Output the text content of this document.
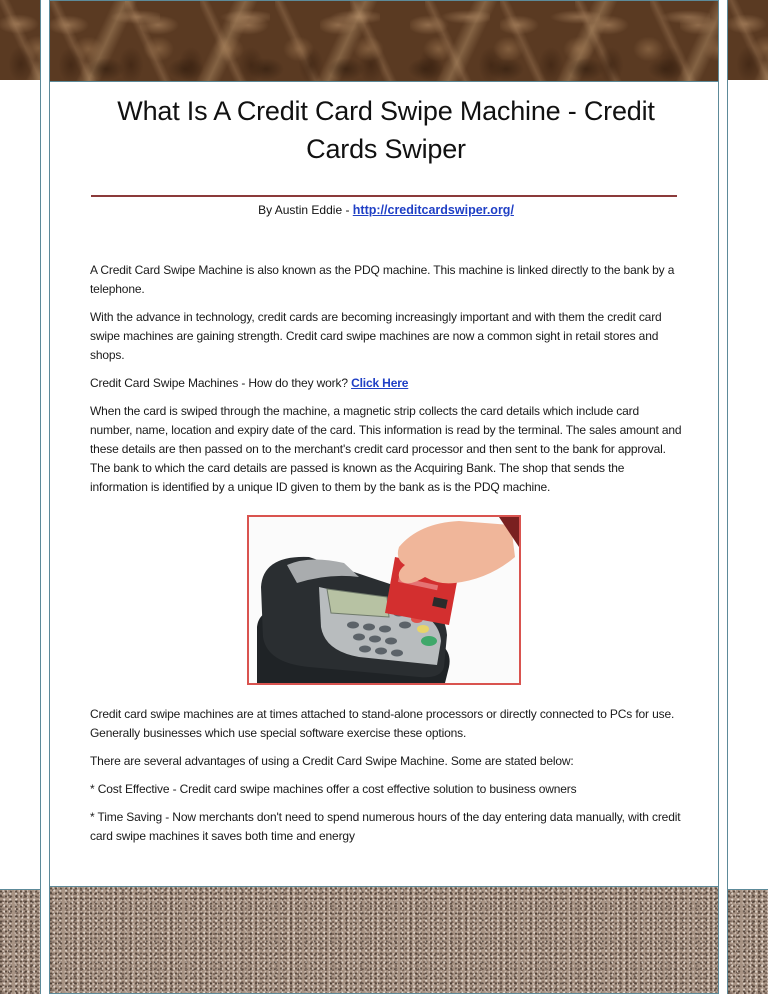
What Is A Credit Card Swipe Machine - Credit Cards Swiper
By Austin Eddie - http://creditcardswiper.org/

A Credit Card Swipe Machine is also known as the PDQ machine. This machine is linked directly to the bank by a telephone.

With the advance in technology, credit cards are becoming increasingly important and with them the credit card swipe machines are gaining strength. Credit card swipe machines are now a common sight in retail stores and shops.

Credit Card Swipe Machines - How do they work? Click Here

When the card is swiped through the machine, a magnetic strip collects the card details which include card number, name, location and expiry date of the card. This information is read by the terminal. The sales amount and these details are then passed on to the merchant's credit card processor and then sent to the bank for approval. The bank to which the card details are passed is known as the Acquiring Bank. The shop that sends the information is identified by a unique ID given to them by the bank as is the PDQ machine.

Credit card swipe machines are at times attached to stand-alone processors or directly connected to PCs for use. Generally businesses which use special software exercise these options.

There are several advantages of using a Credit Card Swipe Machine. Some are stated below:

* Cost Effective - Credit card swipe machines offer a cost effective solution to business owners

* Time Saving - Now merchants don't need to spend numerous hours of the day entering data manually, with credit card swipe machines it saves both time and energy
